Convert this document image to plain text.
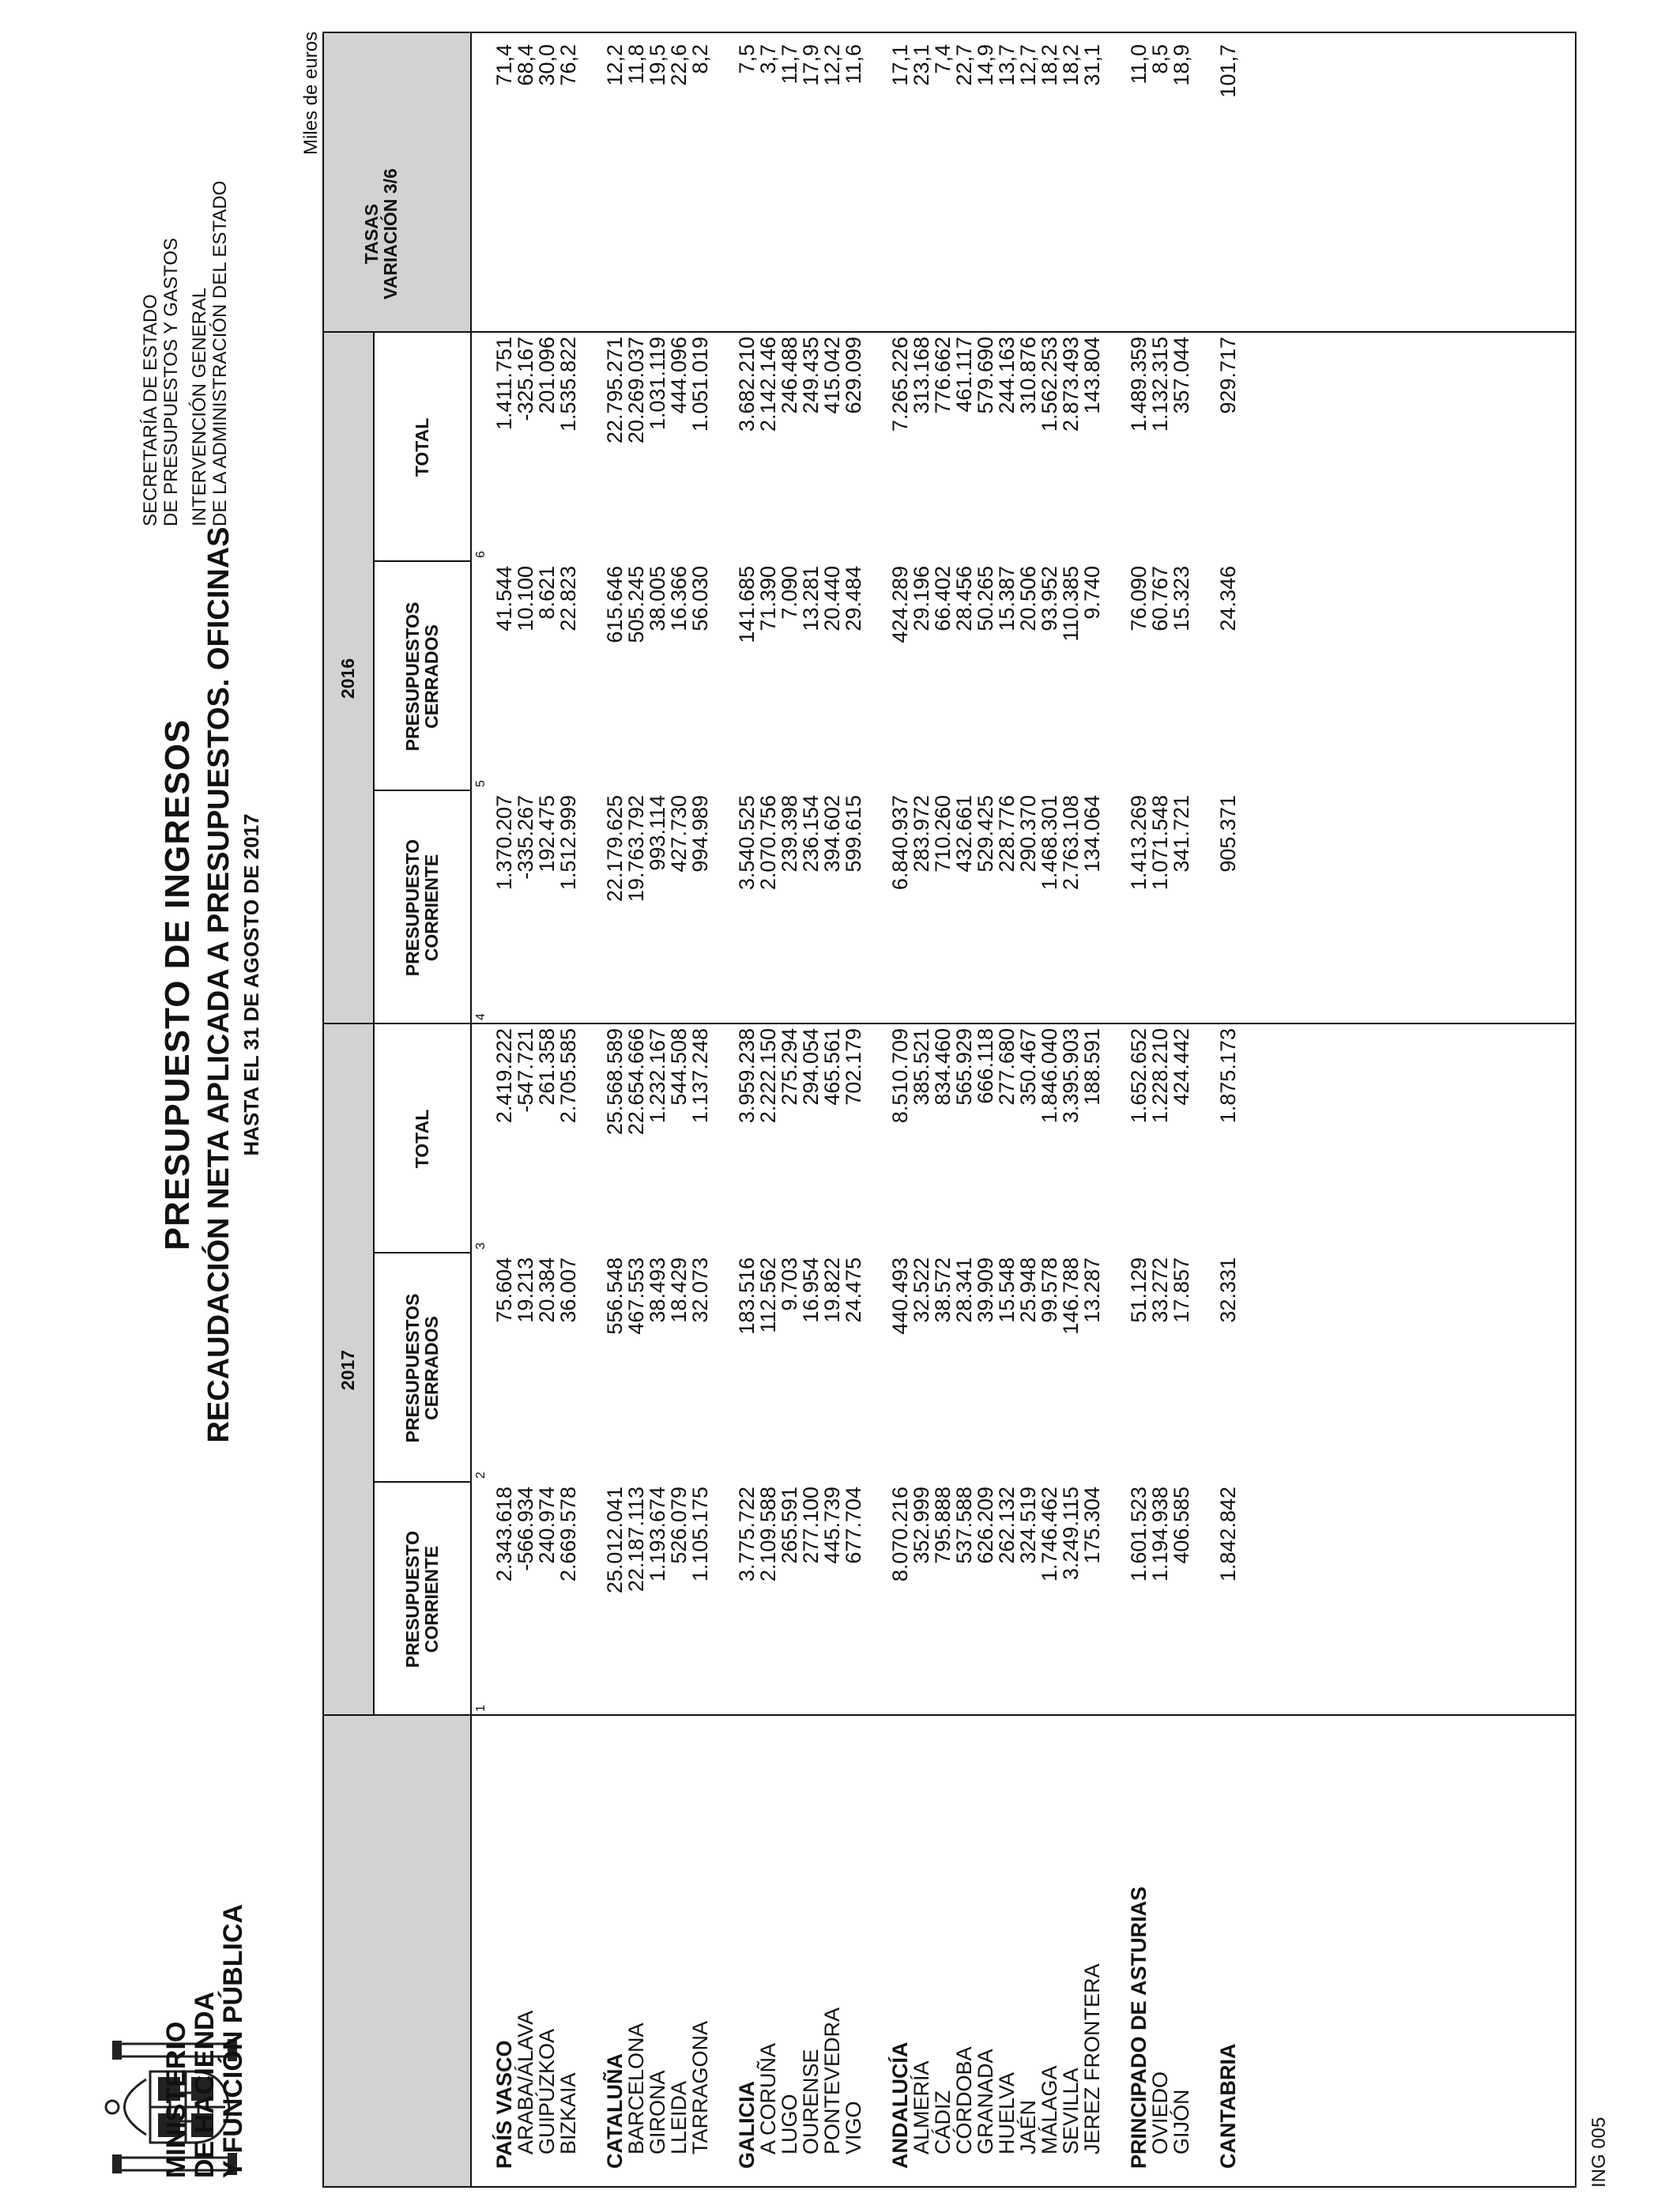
MINISTERIO
DE HACIENDA
Y FUNCIÓN PÚBLICA
PRESUPUESTO DE INGRESOS RECAUDACIÓN NETA APLICADA A PRESUPUESTOS. OFICINAS HASTA EL 31 DE AGOSTO DE 2017
SECRETARÍA DE ESTADO DE PRESUPUESTOS Y GASTOS INTERVENCIÓN GENERAL DE LA ADMINISTRACIÓN DEL ESTADO
Miles de euros
2017
2016
TASAS VARIACIÓN 3/6
PRESUPUESTO CORRIENTE
PRESUPUESTOS CERRADOS
TOTAL
PRESUPUESTO CORRIENTE
PRESUPUESTOS CERRADOS
TOTAL
1
2
3
4
5
6
PAÍS VASCO
ARABA/ÁLAVA
GUIPÚZKOA
BIZKAIA
2.343.618
75.604
2.419.222
1.370.207
41.544
1.411.751
71,4
-566.934
19.213
-547.721
-335.267
10.100
-325.167
68,4
240.974
20.384
261.358
192.475
8.621
201.096
30,0
2.669.578
36.007
2.705.585
1.512.999
22.823
1.535.822
76,2
CATALUÑA
25.012.041
556.548
25.568.589
22.179.625
615.646
22.795.271
12,2
BARCELONA
22.187.113
467.553
22.654.666
19.763.792
505.245
20.269.037
11,8
GIRONA
1.193.674
38.493
1.232.167
993.114
38.005
1.031.119
19,5
LLEIDA
526.079
18.429
544.508
427.730
16.366
444.096
22,6
TARRAGONA
1.105.175
32.073
1.137.248
994.989
56.030
1.051.019
8,2
GALICIA
3.775.722
183.516
3.959.238
3.540.525
141.685
3.682.210
7,5
A CORUÑA
2.109.588
112.562
2.222.150
2.070.756
71.390
2.142.146
3,7
LUGO
265.591
9.703
275.294
239.398
7.090
246.488
11,7
OURENSE
277.100
16.954
294.054
236.154
13.281
249.435
17,9
PONTEVEDRA
445.739
19.822
465.561
394.602
20.440
415.042
12,2
VIGO
677.704
24.475
702.179
599.615
29.484
629.099
11,6
ANDALUCÍA
8.070.216
440.493
8.510.709
6.840.937
424.289
7.265.226
17,1
ALMERÍA
352.999
32.522
385.521
283.972
29.196
313.168
23,1
CÁDIZ
795.888
38.572
834.460
710.260
66.402
776.662
7,4
CÓRDOBA
537.588
28.341
565.929
432.661
28.456
461.117
22,7
GRANADA
626.209
39.909
666.118
529.425
50.265
579.690
14,9
HUELVA
262.132
15.548
277.680
228.776
15.387
244.163
13,7
JAÉN
324.519
25.948
350.467
290.370
20.506
310.876
12,7
MÁLAGA
1.746.462
99.578
1.846.040
1.468.301
93.952
1.562.253
18,2
SEVILLA
3.249.115
146.788
3.395.903
2.763.108
110.385
2.873.493
18,2
JEREZ FRONTERA
175.304
13.287
188.591
134.064
9.740
143.804
31,1
PRINCIPADO DE ASTURIAS
1.601.523
51.129
1.652.652
1.413.269
76.090
1.489.359
11,0
OVIEDO
1.194.938
33.272
1.228.210
1.071.548
60.767
1.132.315
8,5
GIJÓN
406.585
17.857
424.442
341.721
15.323
357.044
18,9
CANTABRIA
1.842.842
32.331
1.875.173
905.371
24.346
929.717
101,7
ING 005
